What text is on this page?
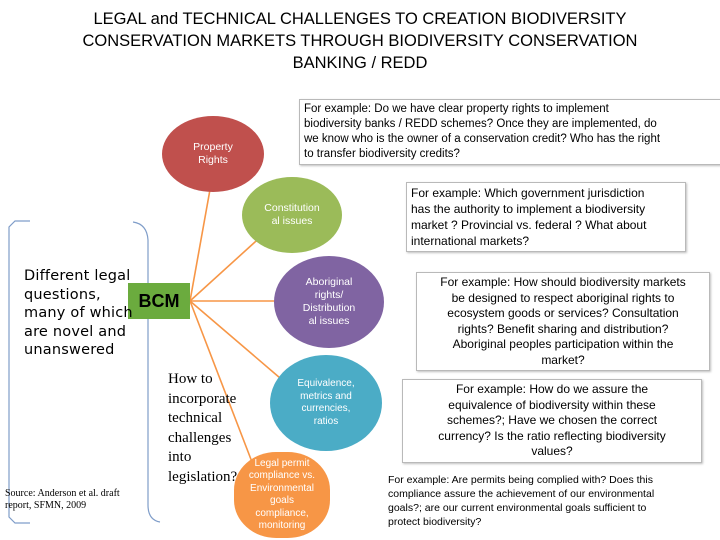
LEGAL and TECHNICAL CHALLENGES TO CREATION BIODIVERSITY
CONSERVATION MARKETS THROUGH BIODIVERSITY CONSERVATION
BANKING / REDD
Property
Rights
Constitution
al issues
Aboriginal
rights/
Distribution
al issues
Equivalence,
metrics and
currencies,
ratios
Legal permit
compliance vs.
Environmental
goals
compliance,
monitoring
BCM
Different legal
questions,
many of which
are novel and
unanswered
How to
incorporate
technical
challenges
into
legislation?
Source: Anderson et al. draft
report, SFMN, 2009
For example: Do we have clear property rights to implement
biodiversity banks / REDD schemes? Once they are implemented, do
we know who is the owner of a conservation credit? Who has the right
to transfer biodiversity credits?
For example: Which government jurisdiction
has the authority to implement a biodiversity
market ? Provincial vs. federal ? What about
international markets?
For example: How should biodiversity markets
be designed to respect aboriginal rights to
ecosystem goods or services? Consultation
rights? Benefit sharing and distribution?
Aboriginal peoples participation within the
market?
For example: How do we assure the
equivalence of biodiversity within these
schemes?; Have we chosen the correct
currency? Is the ratio reflecting biodiversity
values?
For example: Are permits being complied with? Does this
compliance assure the achievement of our environmental
goals?; are our current environmental goals sufficient to
protect biodiversity?
